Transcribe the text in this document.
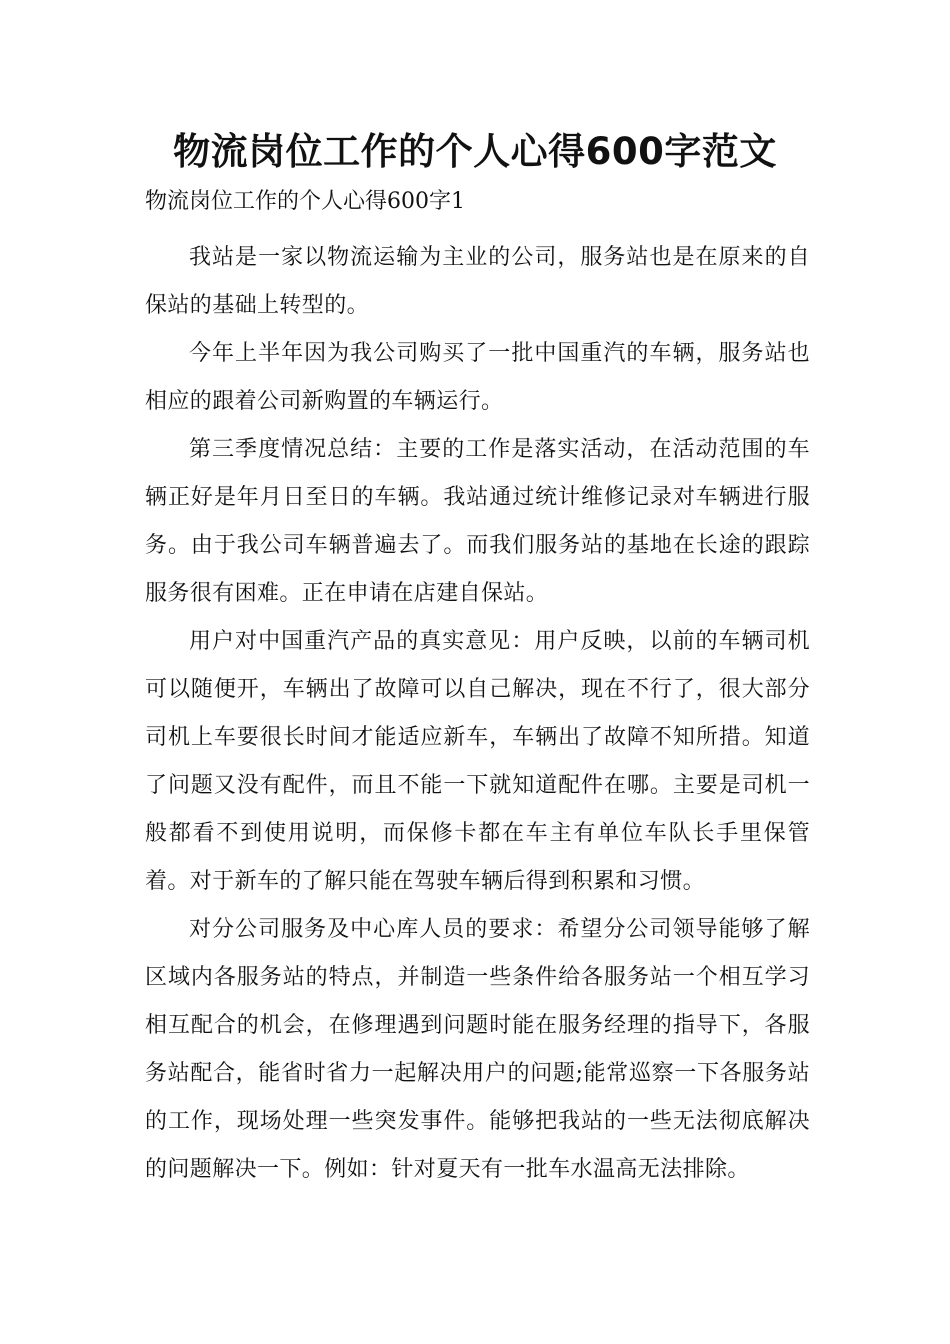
物流岗位工作的个人心得600字范文
物流岗位工作的个人心得600字1

我站是一家以物流运输为主业的公司，服务站也是在原来的自保站的基础上转型的。

今年上半年因为我公司购买了一批中国重汽的车辆，服务站也相应的跟着公司新购置的车辆运行。

第三季度情况总结：主要的工作是落实活动，在活动范围的车辆正好是年月日至日的车辆。我站通过统计维修记录对车辆进行服务。由于我公司车辆普遍去了。而我们服务站的基地在长途的跟踪服务很有困难。正在申请在店建自保站。

用户对中国重汽产品的真实意见：用户反映，以前的车辆司机可以随便开，车辆出了故障可以自己解决，现在不行了，很大部分司机上车要很长时间才能适应新车，车辆出了故障不知所措。知道了问题又没有配件，而且不能一下就知道配件在哪。主要是司机一般都看不到使用说明，而保修卡都在车主有单位车队长手里保管着。对于新车的了解只能在驾驶车辆后得到积累和习惯。

对分公司服务及中心库人员的要求：希望分公司领导能够了解区域内各服务站的特点，并制造一些条件给各服务站一个相互学习相互配合的机会，在修理遇到问题时能在服务经理的指导下，各服务站配合，能省时省力一起解决用户的问题;能常巡察一下各服务站的工作，现场处理一些突发事件。能够把我站的一些无法彻底解决的问题解决一下。例如：针对夏天有一批车水温高无法排除。
